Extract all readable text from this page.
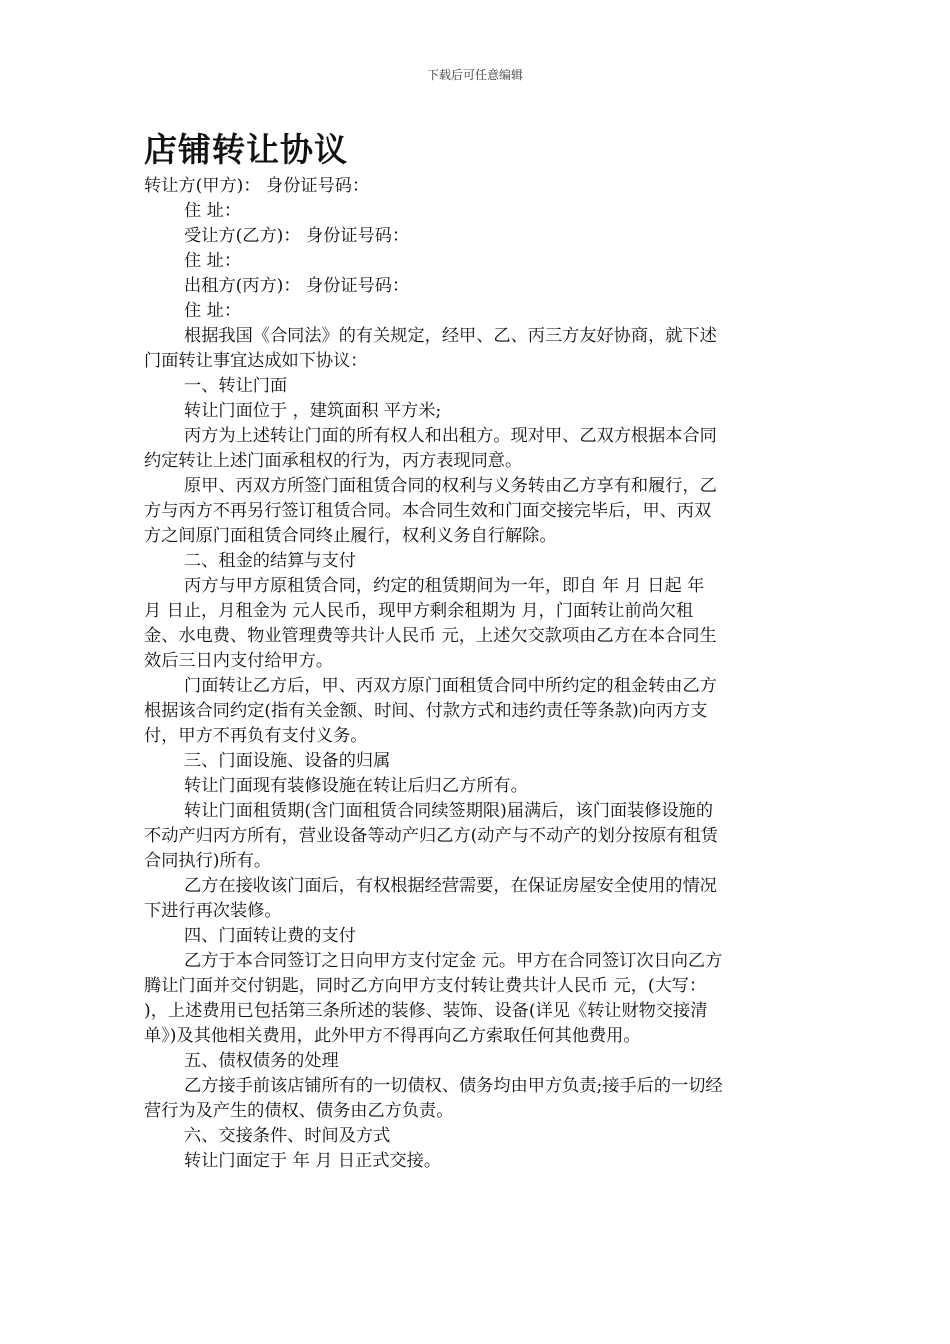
下载后可任意编辑
店铺转让协议
转让方(甲方)： 身份证号码：
住 址：
受让方(乙方)： 身份证号码：
住 址：
出租方(丙方)： 身份证号码：
住 址：
根据我国《合同法》的有关规定，经甲、乙、丙三方友好协商，就下述
门面转让事宜达成如下协议：
一、转让门面
转让门面位于 ，建筑面积 平方米;
丙方为上述转让门面的所有权人和出租方。现对甲、乙双方根据本合同
约定转让上述门面承租权的行为，丙方表现同意。
原甲、丙双方所签门面租赁合同的权利与义务转由乙方享有和履行，乙
方与丙方不再另行签订租赁合同。本合同生效和门面交接完毕后，甲、丙双
方之间原门面租赁合同终止履行，权利义务自行解除。
二、租金的结算与支付
丙方与甲方原租赁合同，约定的租赁期间为一年，即自 年 月 日起 年
月 日止，月租金为 元人民币，现甲方剩余租期为 月，门面转让前尚欠租
金、水电费、物业管理费等共计人民币 元，上述欠交款项由乙方在本合同生
效后三日内支付给甲方。
门面转让乙方后，甲、丙双方原门面租赁合同中所约定的租金转由乙方
根据该合同约定(指有关金额、时间、付款方式和违约责任等条款)向丙方支
付，甲方不再负有支付义务。
三、门面设施、设备的归属
转让门面现有装修设施在转让后归乙方所有。
转让门面租赁期(含门面租赁合同续签期限)届满后，该门面装修设施的
不动产归丙方所有，营业设备等动产归乙方(动产与不动产的划分按原有租赁
合同执行)所有。
乙方在接收该门面后，有权根据经营需要，在保证房屋安全使用的情况
下进行再次装修。
四、门面转让费的支付
乙方于本合同签订之日向甲方支付定金 元。甲方在合同签订次日向乙方
腾让门面并交付钥匙，同时乙方向甲方支付转让费共计人民币 元，(大写：
)，上述费用已包括第三条所述的装修、装饰、设备(详见《转让财物交接清
单》)及其他相关费用，此外甲方不得再向乙方索取任何其他费用。
五、债权债务的处理
乙方接手前该店铺所有的一切债权、债务均由甲方负责;接手后的一切经
营行为及产生的债权、债务由乙方负责。
六、交接条件、时间及方式
转让门面定于 年 月 日正式交接。
